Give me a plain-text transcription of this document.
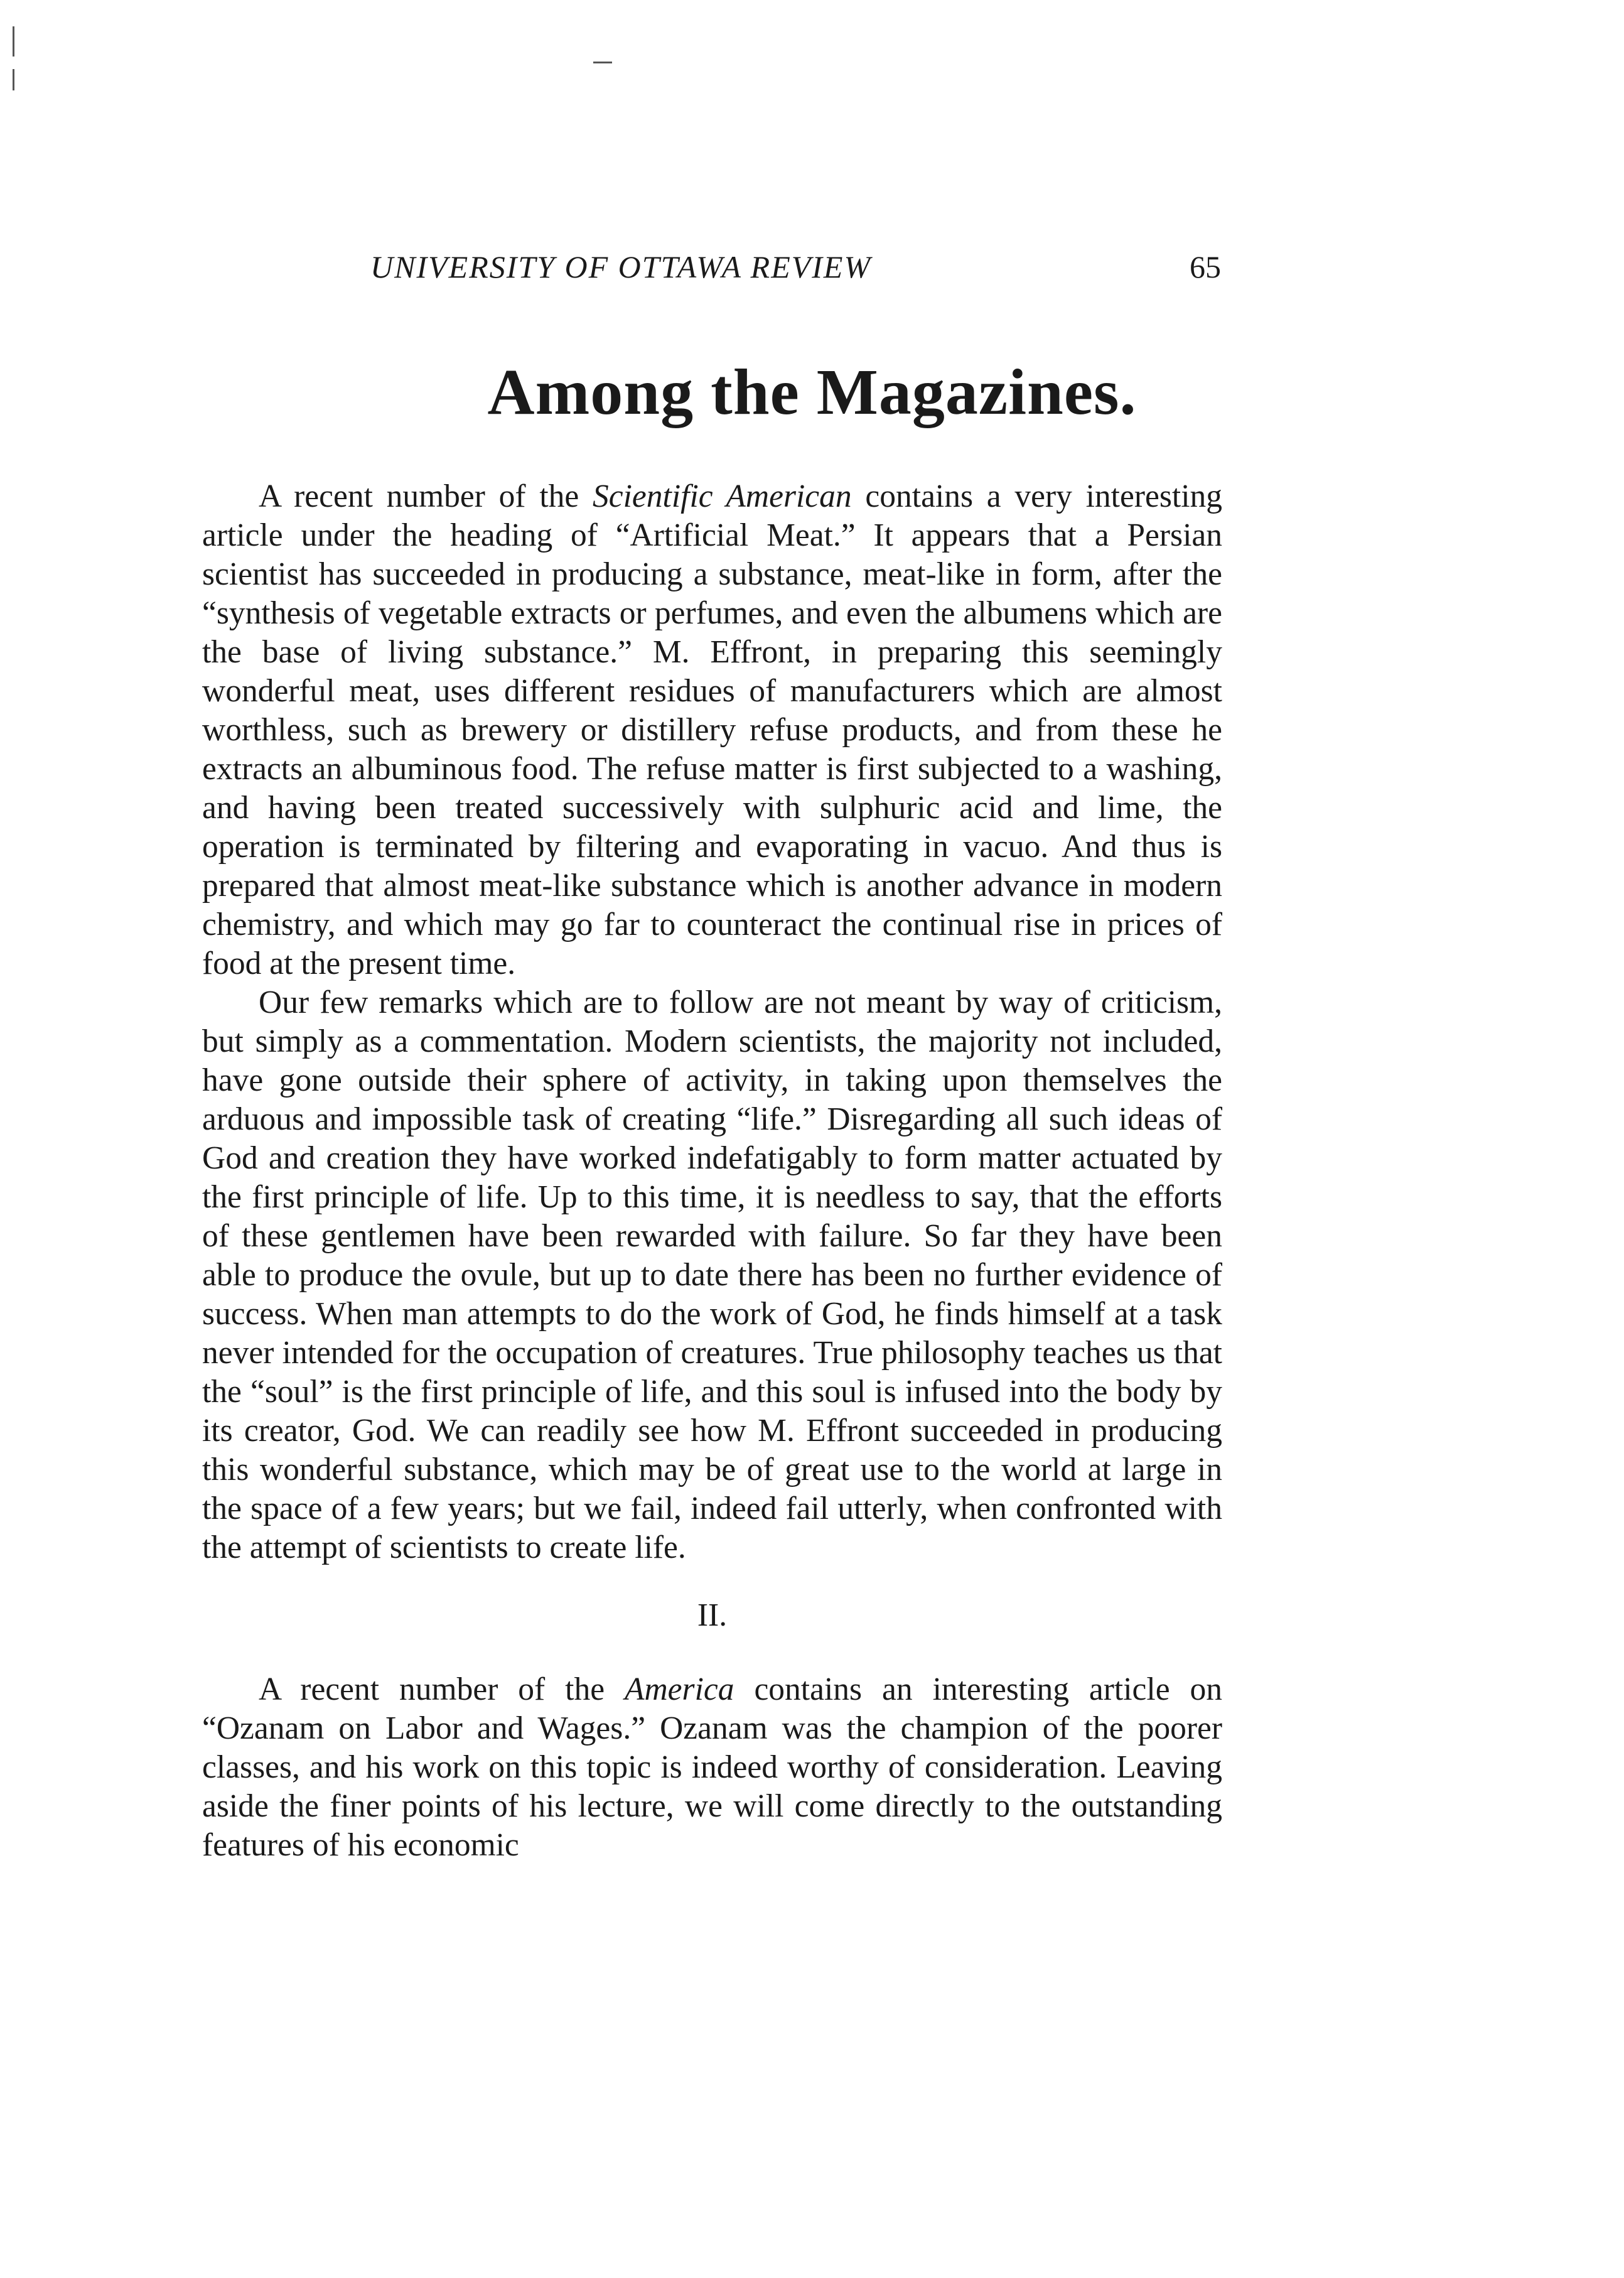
UNIVERSITY OF OTTAWA REVIEW	65
Among the Magazines.

A recent number of the Scientific American contains a very interesting article under the heading of “Artificial Meat.” It appears that a Persian scientist has succeeded in producing a substance, meat-like in form, after the “synthesis of vegetable extracts or perfumes, and even the albumens which are the base of living substance.” M. Effront, in preparing this seemingly wonderful meat, uses different residues of manufacturers which are almost worthless, such as brewery or distillery refuse products, and from these he extracts an albuminous food. The refuse matter is first subjected to a washing, and having been treated successively with sulphuric acid and lime, the operation is terminated by filtering and evaporating in vacuo. And thus is prepared that almost meat-like substance which is another advance in modern chemistry, and which may go far to counteract the continual rise in prices of food at the present time.

Our few remarks which are to follow are not meant by way of criticism, but simply as a commentation. Modern scientists, the majority not included, have gone outside their sphere of activity, in taking upon themselves the arduous and impossible task of creating “life.” Disregarding all such ideas of God and creation they have worked indefatigably to form matter actuated by the first principle of life. Up to this time, it is needless to say, that the efforts of these gentlemen have been rewarded with failure. So far they have been able to produce the ovule, but up to date there has been no further evidence of success. When man attempts to do the work of God, he finds himself at a task never intended for the occupation of creatures. True philosophy teaches us that the “soul” is the first principle of life, and this soul is infused into the body by its creator, God. We can readily see how M. Effront succeeded in producing this wonderful substance, which may be of great use to the world at large in the space of a few years; but we fail, indeed fail utterly, when confronted with the attempt of scientists to create life.

II.

A recent number of the America contains an interesting article on “Ozanam on Labor and Wages.” Ozanam was the champion of the poorer classes, and his work on this topic is indeed worthy of consideration. Leaving aside the finer points of his lecture, we will come directly to the outstanding features of his economic
